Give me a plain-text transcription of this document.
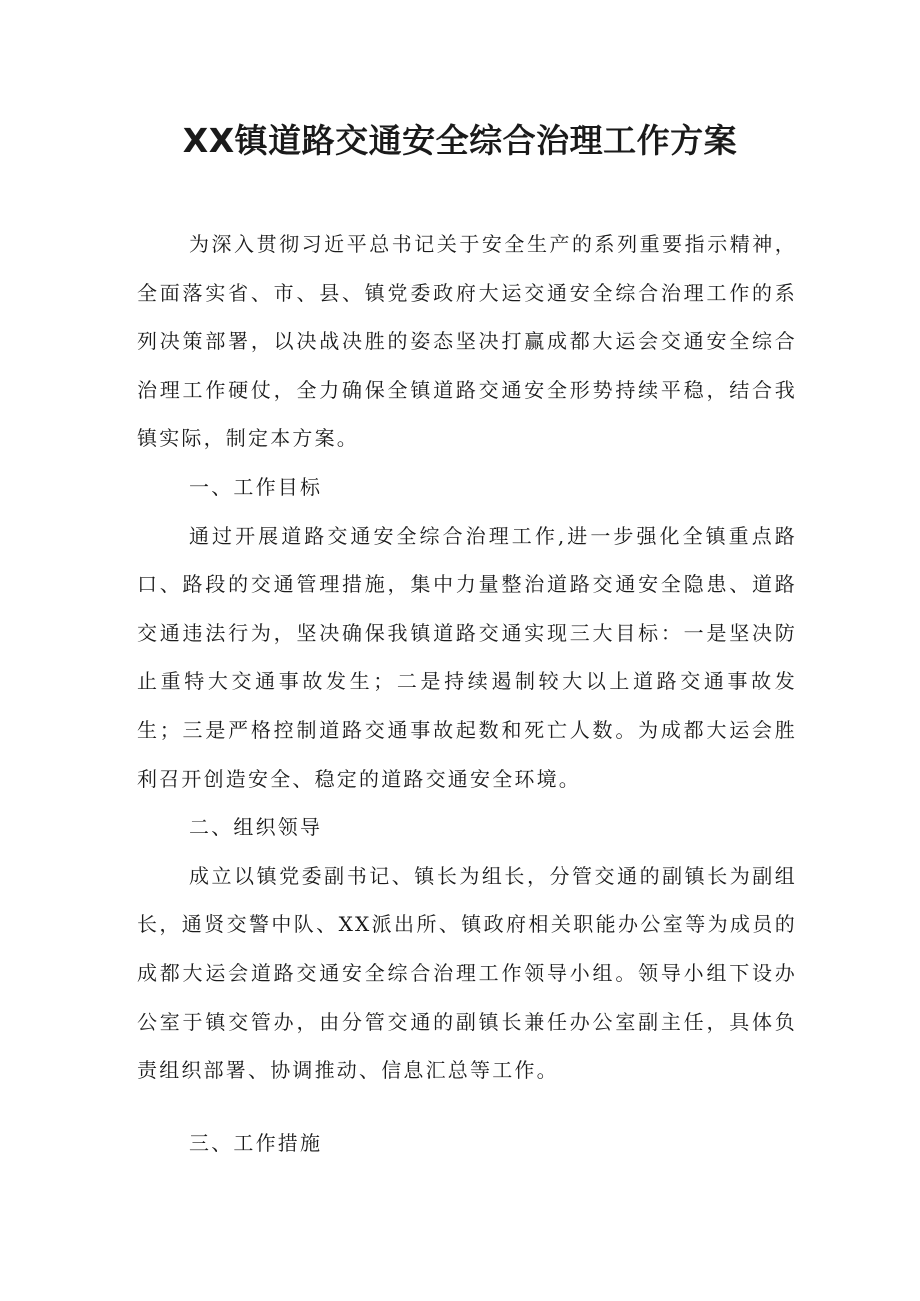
XX镇道路交通安全综合治理工作方案

为深入贯彻习近平总书记关于安全生产的系列重要指示精神，全面落实省、市、县、镇党委政府大运交通安全综合治理工作的系列决策部署，以决战决胜的姿态坚决打赢成都大运会交通安全综合治理工作硬仗，全力确保全镇道路交通安全形势持续平稳，结合我镇实际，制定本方案。

一、工作目标

通过开展道路交通安全综合治理工作,进一步强化全镇重点路口、路段的交通管理措施，集中力量整治道路交通安全隐患、道路交通违法行为，坚决确保我镇道路交通实现三大目标：一是坚决防止重特大交通事故发生；二是持续遏制较大以上道路交通事故发生；三是严格控制道路交通事故起数和死亡人数。为成都大运会胜利召开创造安全、稳定的道路交通安全环境。

二、组织领导

成立以镇党委副书记、镇长为组长，分管交通的副镇长为副组长，通贤交警中队、XX派出所、镇政府相关职能办公室等为成员的成都大运会道路交通安全综合治理工作领导小组。领导小组下设办公室于镇交管办，由分管交通的副镇长兼任办公室副主任，具体负责组织部署、协调推动、信息汇总等工作。

三、工作措施
